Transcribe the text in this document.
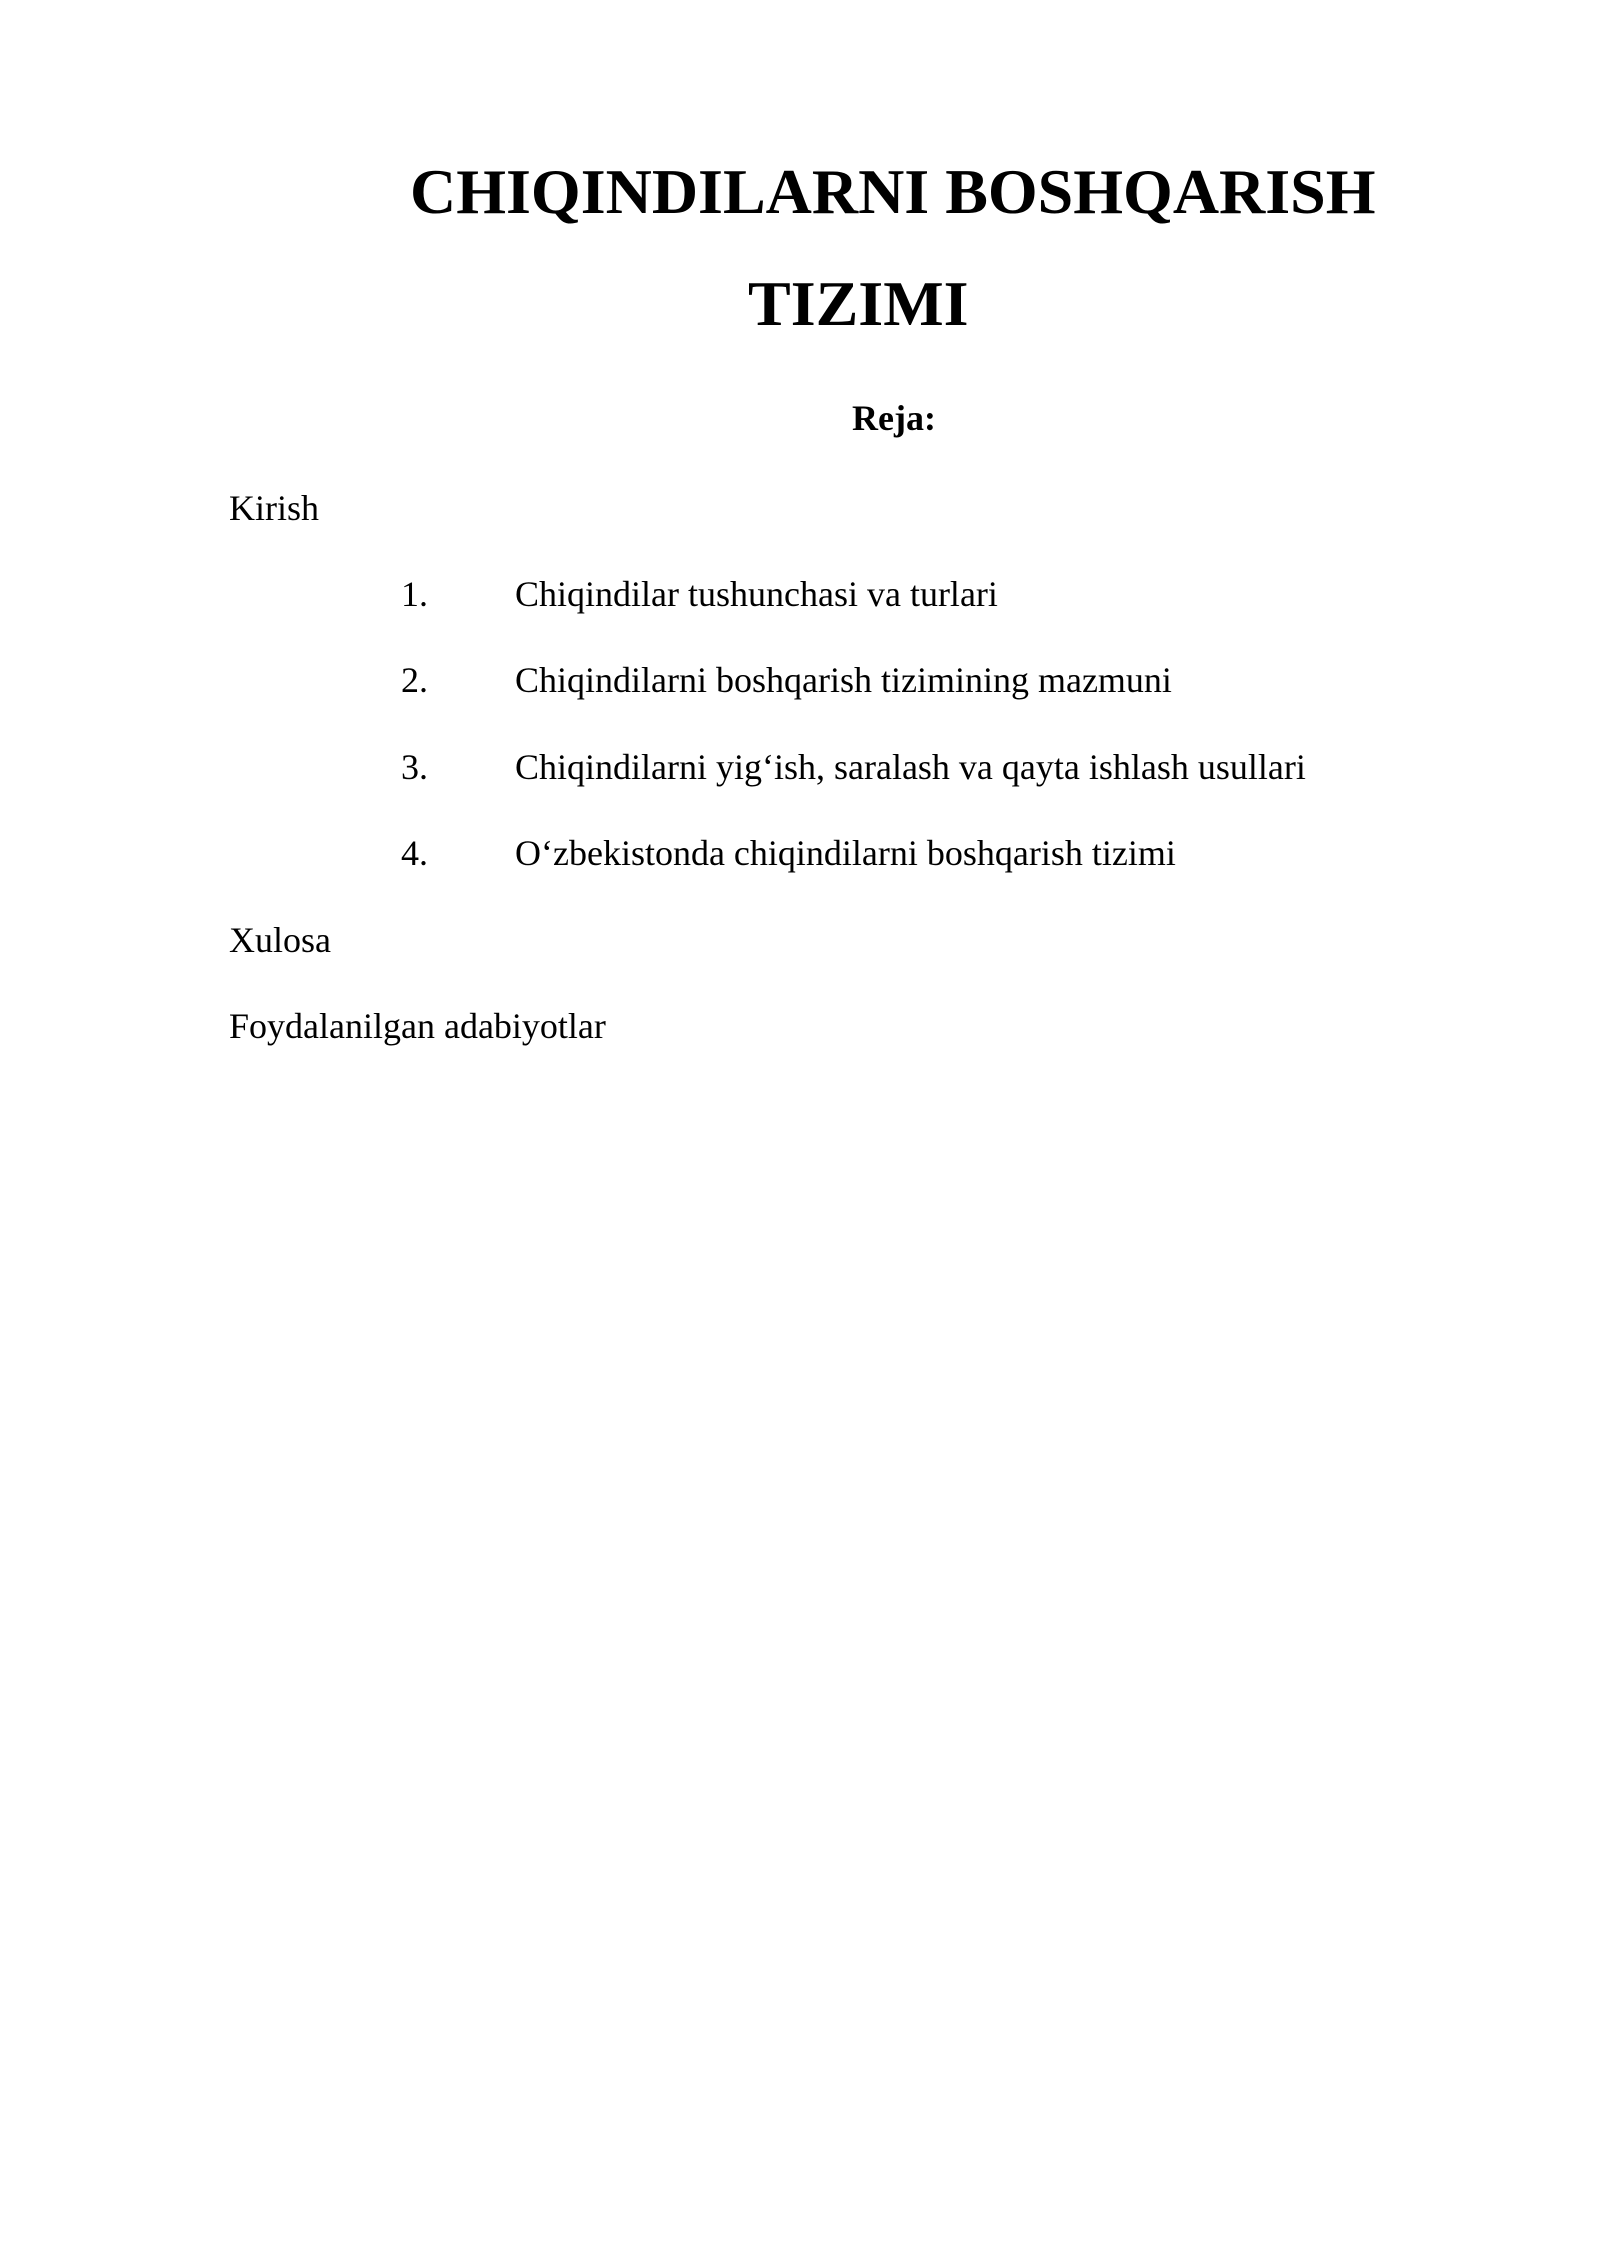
CHIQINDILARNI BOSHQARISH
TIZIMI
Reja:
Kirish
1. Chiqindilar tushunchasi va turlari
2. Chiqindilarni boshqarish tizimining mazmuni
3. Chiqindilarni yig‘ish, saralash va qayta ishlash usullari
4. O‘zbekistonda chiqindilarni boshqarish tizimi
Xulosa
Foydalanilgan adabiyotlar
